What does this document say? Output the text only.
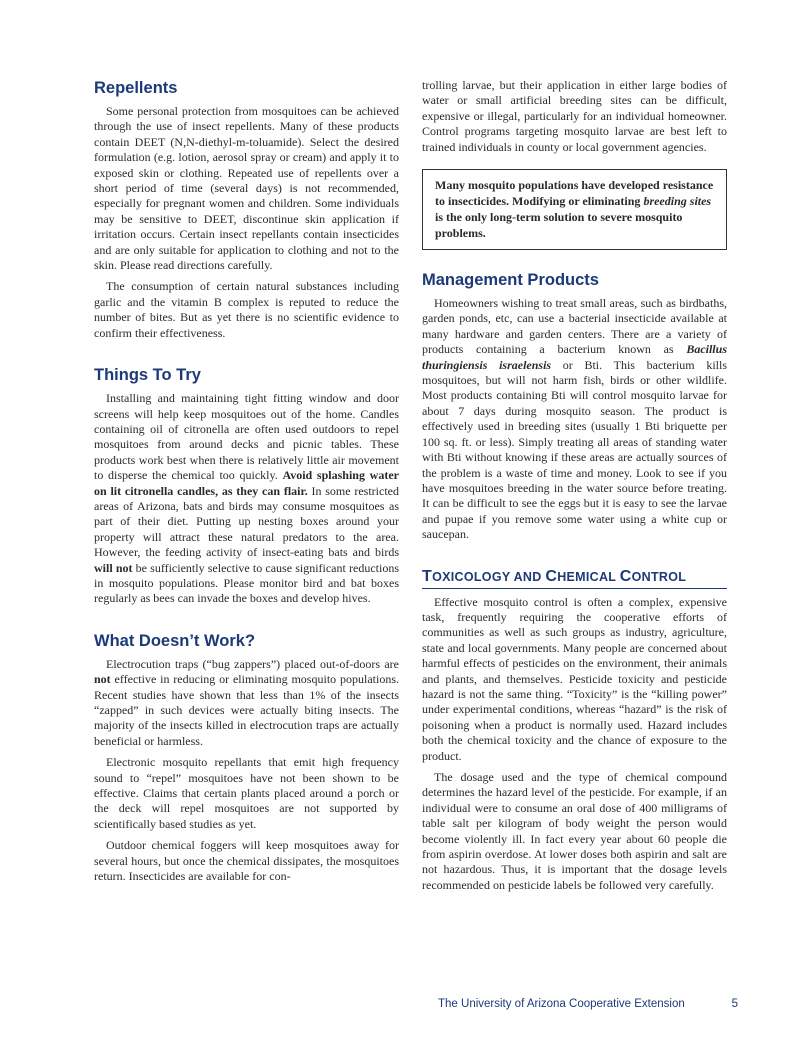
Repellents

Some personal protection from mosquitoes can be achieved through the use of insect repellents. Many of these products contain DEET (N,N-diethyl-m-toluamide). Select the desired formulation (e.g. lotion, aerosol spray or cream) and apply it to exposed skin or clothing. Repeated use of repellents over a short period of time (several days) is not recommended, especially for pregnant women and children. Some individuals may be sensitive to DEET, discontinue skin application if irritation occurs. Certain insect repellants contain insecticides and are only suitable for application to clothing and not to the skin. Please read directions carefully.

The consumption of certain natural substances including garlic and the vitamin B complex is reputed to reduce the number of bites. But as yet there is no scientific evidence to confirm their effectiveness.

Things To Try

Installing and maintaining tight fitting window and door screens will help keep mosquitoes out of the home. Candles containing oil of citronella are often used outdoors to repel mosquitoes from around decks and picnic tables. These products work best when there is relatively little air movement to disperse the chemical too quickly. Avoid splashing water on lit citronella candles, as they can flair. In some restricted areas of Arizona, bats and birds may consume mosquitoes as part of their diet. Putting up nesting boxes around your property will attract these natural predators to the area. However, the feeding activity of insect-eating bats and birds will not be sufficiently selective to cause significant reductions in mosquito populations. Please monitor bird and bat boxes regularly as bees can invade the boxes and develop hives.

What Doesn’t Work?

Electrocution traps (“bug zappers”) placed out-of-doors are not effective in reducing or eliminating mosquito populations. Recent studies have shown that less than 1% of the insects “zapped” in such devices were actually biting insects. The majority of the insects killed in electrocution traps are actually beneficial or harmless.

Electronic mosquito repellants that emit high frequency sound to “repel” mosquitoes have not been shown to be effective. Claims that certain plants placed around a porch or the deck will repel mosquitoes are not supported by scientifically based studies as yet.

Outdoor chemical foggers will keep mosquitoes away for several hours, but once the chemical dissipates, the mosquitoes return. Insecticides are available for con-

trolling larvae, but their application in either large bodies of water or small artificial breeding sites can be difficult, expensive or illegal, particularly for an individual homeowner. Control programs targeting mosquito larvae are best left to trained individuals in county or local government agencies.

Many mosquito populations have developed resistance to insecticides. Modifying or eliminating breeding sites is the only long-term solution to severe mosquito problems.

Management Products

Homeowners wishing to treat small areas, such as birdbaths, garden ponds, etc, can use a bacterial insecticide available at many hardware and garden centers. There are a variety of products containing a bacterium known as Bacillus thuringiensis israelensis or Bti. This bacterium kills mosquitoes, but will not harm fish, birds or other wildlife. Most products containing Bti will control mosquito larvae for about 7 days during mosquito season. The product is effectively used in breeding sites (usually 1 Bti briquette per 100 sq. ft. or less). Simply treating all areas of standing water with Bti without knowing if these areas are actually sources of the problem is a waste of time and money. Look to see if you have mosquitoes breeding in the water source before treating. It can be difficult to see the eggs but it is easy to see the larvae and pupae if you remove some water using a white cup or saucepan.

TOXICOLOGY AND CHEMICAL CONTROL

Effective mosquito control is often a complex, expensive task, frequently requiring the cooperative efforts of communities as well as such groups as industry, agriculture, state and local governments. Many people are concerned about harmful effects of pesticides on the environment, their animals and plants, and themselves. Pesticide toxicity and pesticide hazard is not the same thing. “Toxicity” is the “killing power” under experimental conditions, whereas “hazard” is the risk of poisoning when a product is normally used. Hazard includes both the chemical toxicity and the chance of exposure to the product.

The dosage used and the type of chemical compound determines the hazard level of the pesticide. For example, if an individual were to consume an oral dose of 400 milligrams of table salt per kilogram of body weight the person would become violently ill. In fact every year about 60 people die from aspirin overdose. At lower doses both aspirin and salt are not hazardous. Thus, it is important that the dosage levels recommended on pesticide labels be followed very carefully.

The University of Arizona Cooperative Extension	5
